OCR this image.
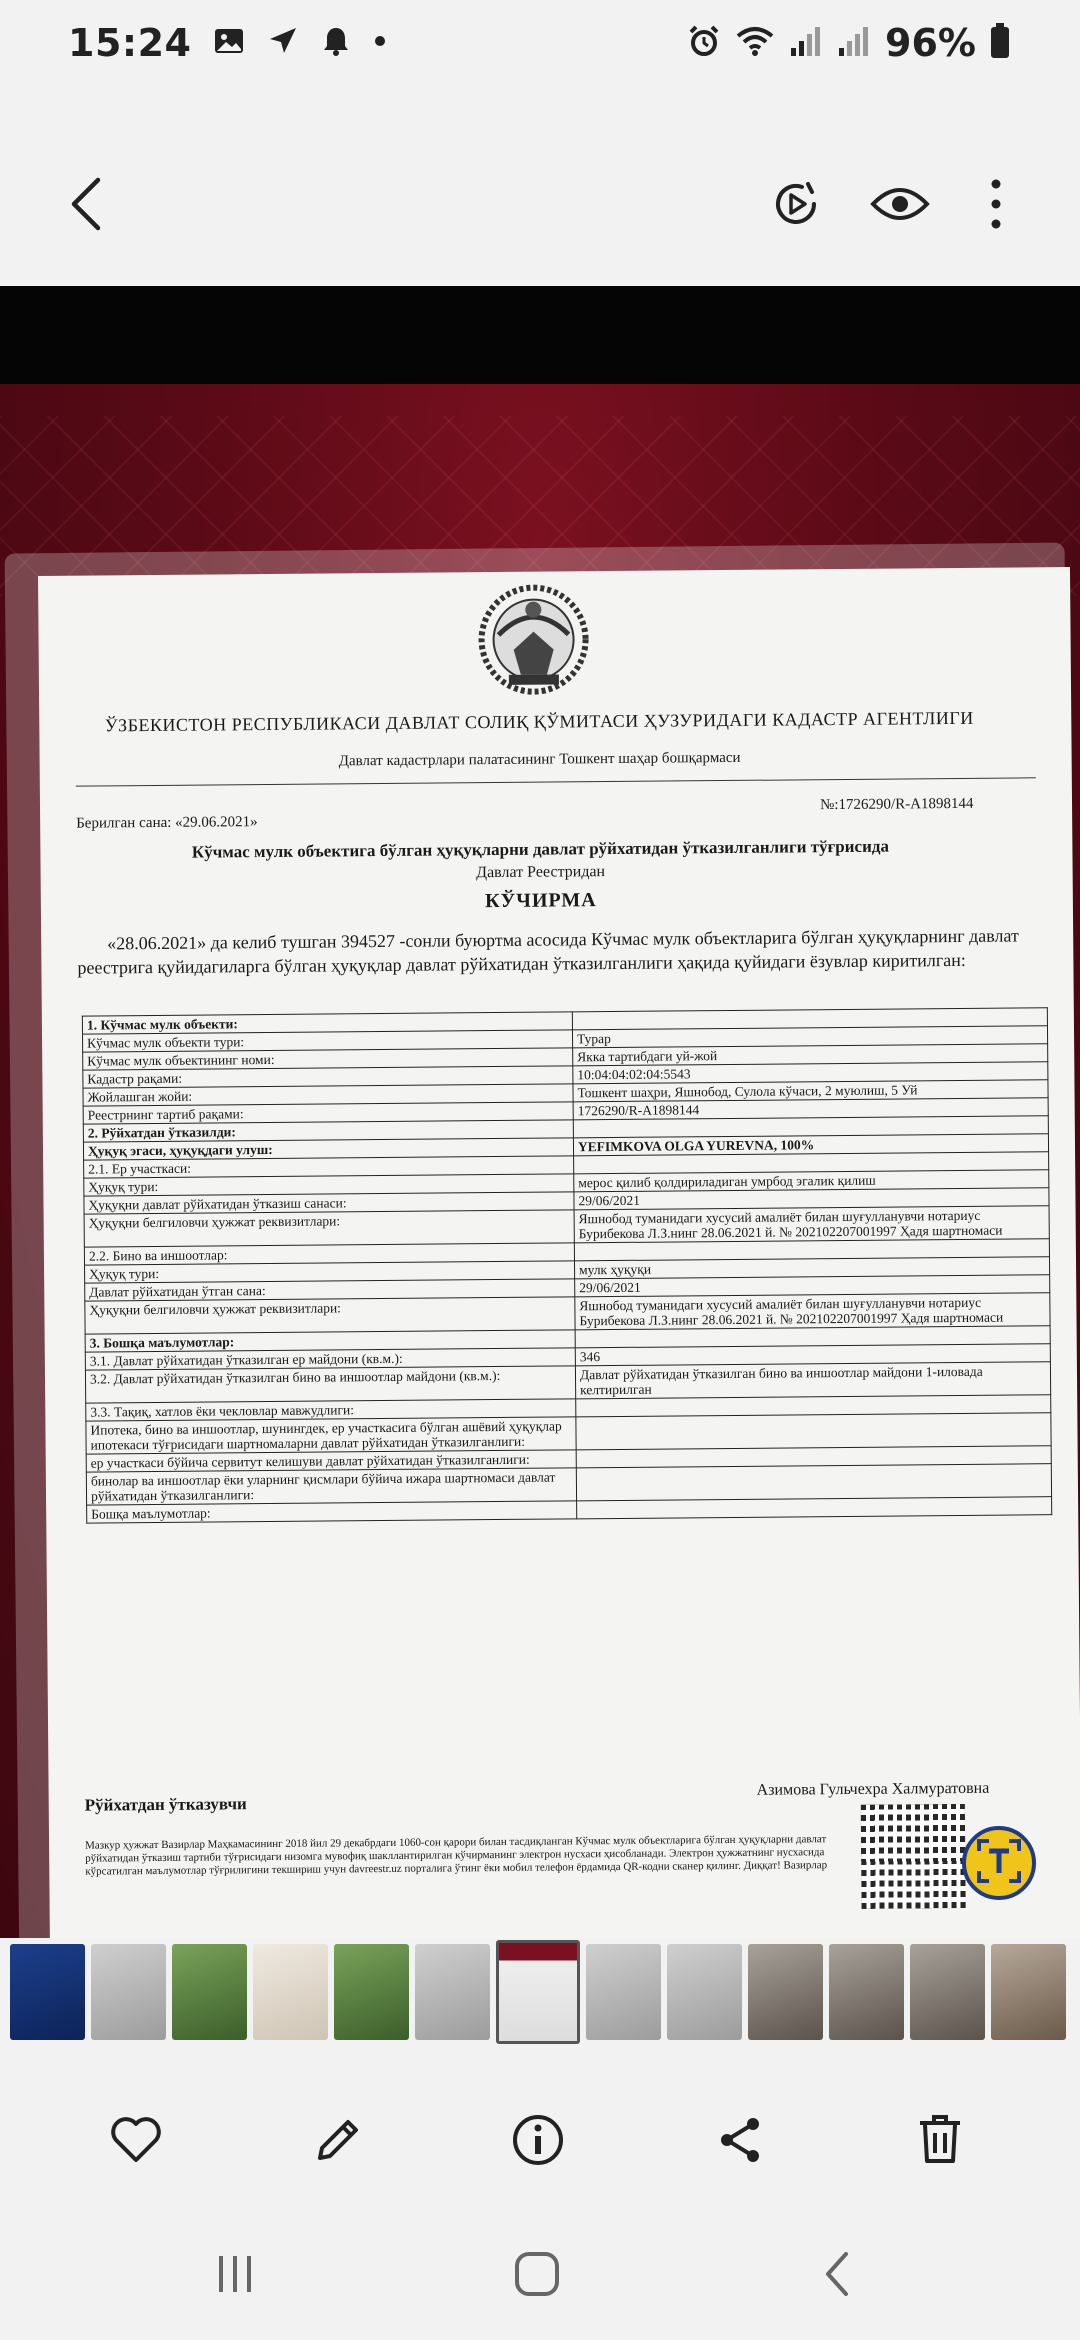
15:24	96%
ЎЗБЕКИСТОН РЕСПУБЛИКАСИ ДАВЛАТ СОЛИҚ ҚЎМИТАСИ ҲУЗУРИДАГИ КАДАСТР АГЕНТЛИГИ
Давлат кадастрлари палатасининг Тошкент шаҳар бошқармаси
№:1726290/R-A1898144
Берилган сана: «29.06.2021»
Кўчмас мулк объектига бўлган ҳуқуқларни давлат рўйхатидан ўтказилганлиги тўғрисида
Давлат Реестридан
КЎЧИРМА
«28.06.2021» да келиб тушган 394527 -сонли буюртма асосида Кўчмас мулк объектларига бўлган ҳуқуқларнинг давлат реестрига қуйидагиларга бўлган ҳуқуқлар давлат рўйхатидан ўтказилганлиги ҳақида қуйидаги ёзувлар киритилган:
1. Кўчмас мулк объекти:	
Кўчмас мулк объекти тури:	Турар
Кўчмас мулк объектининг номи:	Якка тартибдаги уй-жой
Кадастр рақами:	10:04:04:02:04:5543
Жойлашган жойи:	Тошкент шаҳри, Яшнобод, Сулола кўчаси, 2 муюлиш, 5 Уй
Реестрнинг тартиб рақами:	1726290/R-A1898144
2. Рўйхатдан ўтказилди:	
Ҳуқуқ эгаси, ҳуқуқдаги улуш:	YEFIMKOVA OLGA YUREVNA, 100%
2.1. Ер участкаси:	
Ҳуқуқ тури:	мерос қилиб қолдириладиган умрбод эгалик қилиш
Ҳуқуқни давлат рўйхатидан ўтказиш санаси:	29/06/2021
Ҳуқуқни белгиловчи ҳужжат реквизитлари:	Яшнобод туманидаги хусусий амалиёт билан шуғулланувчи нотариус Бурибекова Л.З.нинг 28.06.2021 й. № 202102207001997 Ҳадя шартномаси
2.2. Бино ва иншоотлар:	
Ҳуқуқ тури:	мулк ҳуқуқи
Давлат рўйхатидан ўтган сана:	29/06/2021
Ҳуқуқни белгиловчи ҳужжат реквизитлари:	Яшнобод туманидаги хусусий амалиёт билан шуғулланувчи нотариус Бурибекова Л.З.нинг 28.06.2021 й. № 202102207001997 Ҳадя шартномаси
3. Бошқа маълумотлар:	
3.1. Давлат рўйхатидан ўтказилган ер майдони (кв.м.):	346
3.2. Давлат рўйхатидан ўтказилган бино ва иншоотлар майдони (кв.м.):	Давлат рўйхатидан ўтказилган бино ва иншоотлар майдони 1-иловада келтирилган
3.3. Тақиқ, хатлов ёки чекловлар мавжудлиги:	
Ипотека, бино ва иншоотлар, шунингдек, ер участкасига бўлган ашёвий ҳуқуқлар ипотекаси тўғрисидаги шартномаларни давлат рўйхатидан ўтказилганлиги:	
ер участкаси бўйича сервитут келишуви давлат рўйхатидан ўтказилганлиги:	
бинолар ва иншоотлар ёки уларнинг қисмлари бўйича ижара шартномаси давлат рўйхатидан ўтказилганлиги:	
Бошқа маълумотлар:	
Рўйхатдан ўтказувчи
Азимова Гульчехра Халмуратовна
Мазкур ҳужжат Вазирлар Маҳкамасининг 2018 йил 29 декабрдаги 1060-сон қарори билан тасдиқланган Кўчмас мулк объектларига бўлган ҳуқуқларни давлат рўйхатидан ўтказиш тартиби тўғрисидаги низомга мувофиқ шакллантирилган кўчирманинг электрон нусхаси ҳисобланади. Электрон ҳужжатнинг нусхасида кўрсатилган маълумотлар тўғрилигини текшириш учун davreestr.uz порталига ўтинг ёки мобил телефон ёрдамида QR-кодни сканер қилинг. Диққат! Вазирлар
